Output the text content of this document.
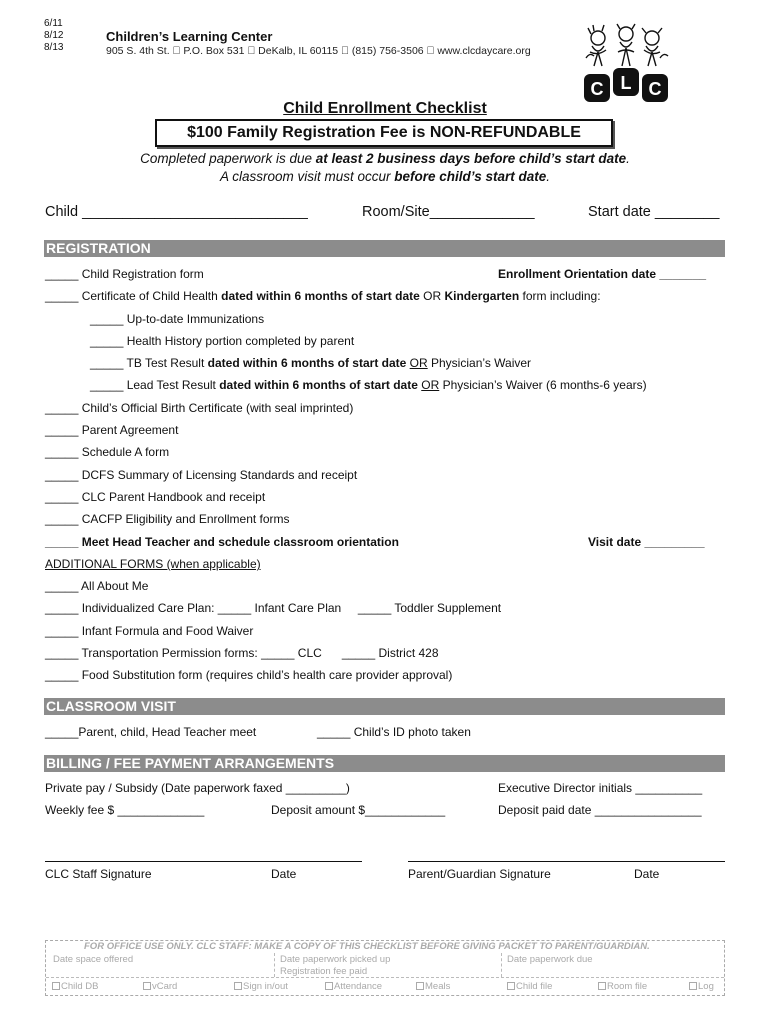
6/11
8/12
8/13
Children’s Learning Center
905 S. 4th St. P.O. Box 531 DeKalb, IL 60115 (815) 756-3506 www.clcdaycare.org
C L C
Child Enrollment Checklist
$100 Family Registration Fee is NON-REFUNDABLE
Completed paperwork is due at least 2 business days before child’s start date.
A classroom visit must occur before child’s start date.
Child ____________________________	Room/Site_____________	Start date ________
REGISTRATION
_____ Child Registration form	Enrollment Orientation date _______
_____ Certificate of Child Health dated within 6 months of start date OR Kindergarten form including:
_____ Up-to-date Immunizations
_____ Health History portion completed by parent
_____ TB Test Result dated within 6 months of start date OR Physician’s Waiver
_____ Lead Test Result dated within 6 months of start date OR Physician’s Waiver (6 months-6 years)
_____ Child’s Official Birth Certificate (with seal imprinted)
_____ Parent Agreement
_____ Schedule A form
_____ DCFS Summary of Licensing Standards and receipt
_____ CLC Parent Handbook and receipt
_____ CACFP Eligibility and Enrollment forms
_____ Meet Head Teacher and schedule classroom orientation	Visit date _________
ADDITIONAL FORMS (when applicable)
_____ All About Me
_____ Individualized Care Plan: _____ Infant Care Plan     _____ Toddler Supplement
_____ Infant Formula and Food Waiver
_____ Transportation Permission forms: _____ CLC      _____ District 428
_____ Food Substitution form (requires child’s health care provider approval)
CLASSROOM VISIT
_____Parent, child, Head Teacher meet	_____ Child’s ID photo taken
BILLING / FEE PAYMENT ARRANGEMENTS
Private pay / Subsidy (Date paperwork faxed _________)	Executive Director initials __________
Weekly fee $ _____________	Deposit amount $____________	Deposit paid date ________________
CLC Staff Signature	Date	Parent/Guardian Signature	Date
FOR OFFICE USE ONLY. CLC STAFF: MAKE A COPY OF THIS CHECKLIST BEFORE GIVING PACKET TO PARENT/GUARDIAN.
Date space offered	Date paperwork picked up
Registration fee paid
Date paperwork due
Child DB	vCard	Sign in/out	Attendance	Meals	Child file	Room file	Log
